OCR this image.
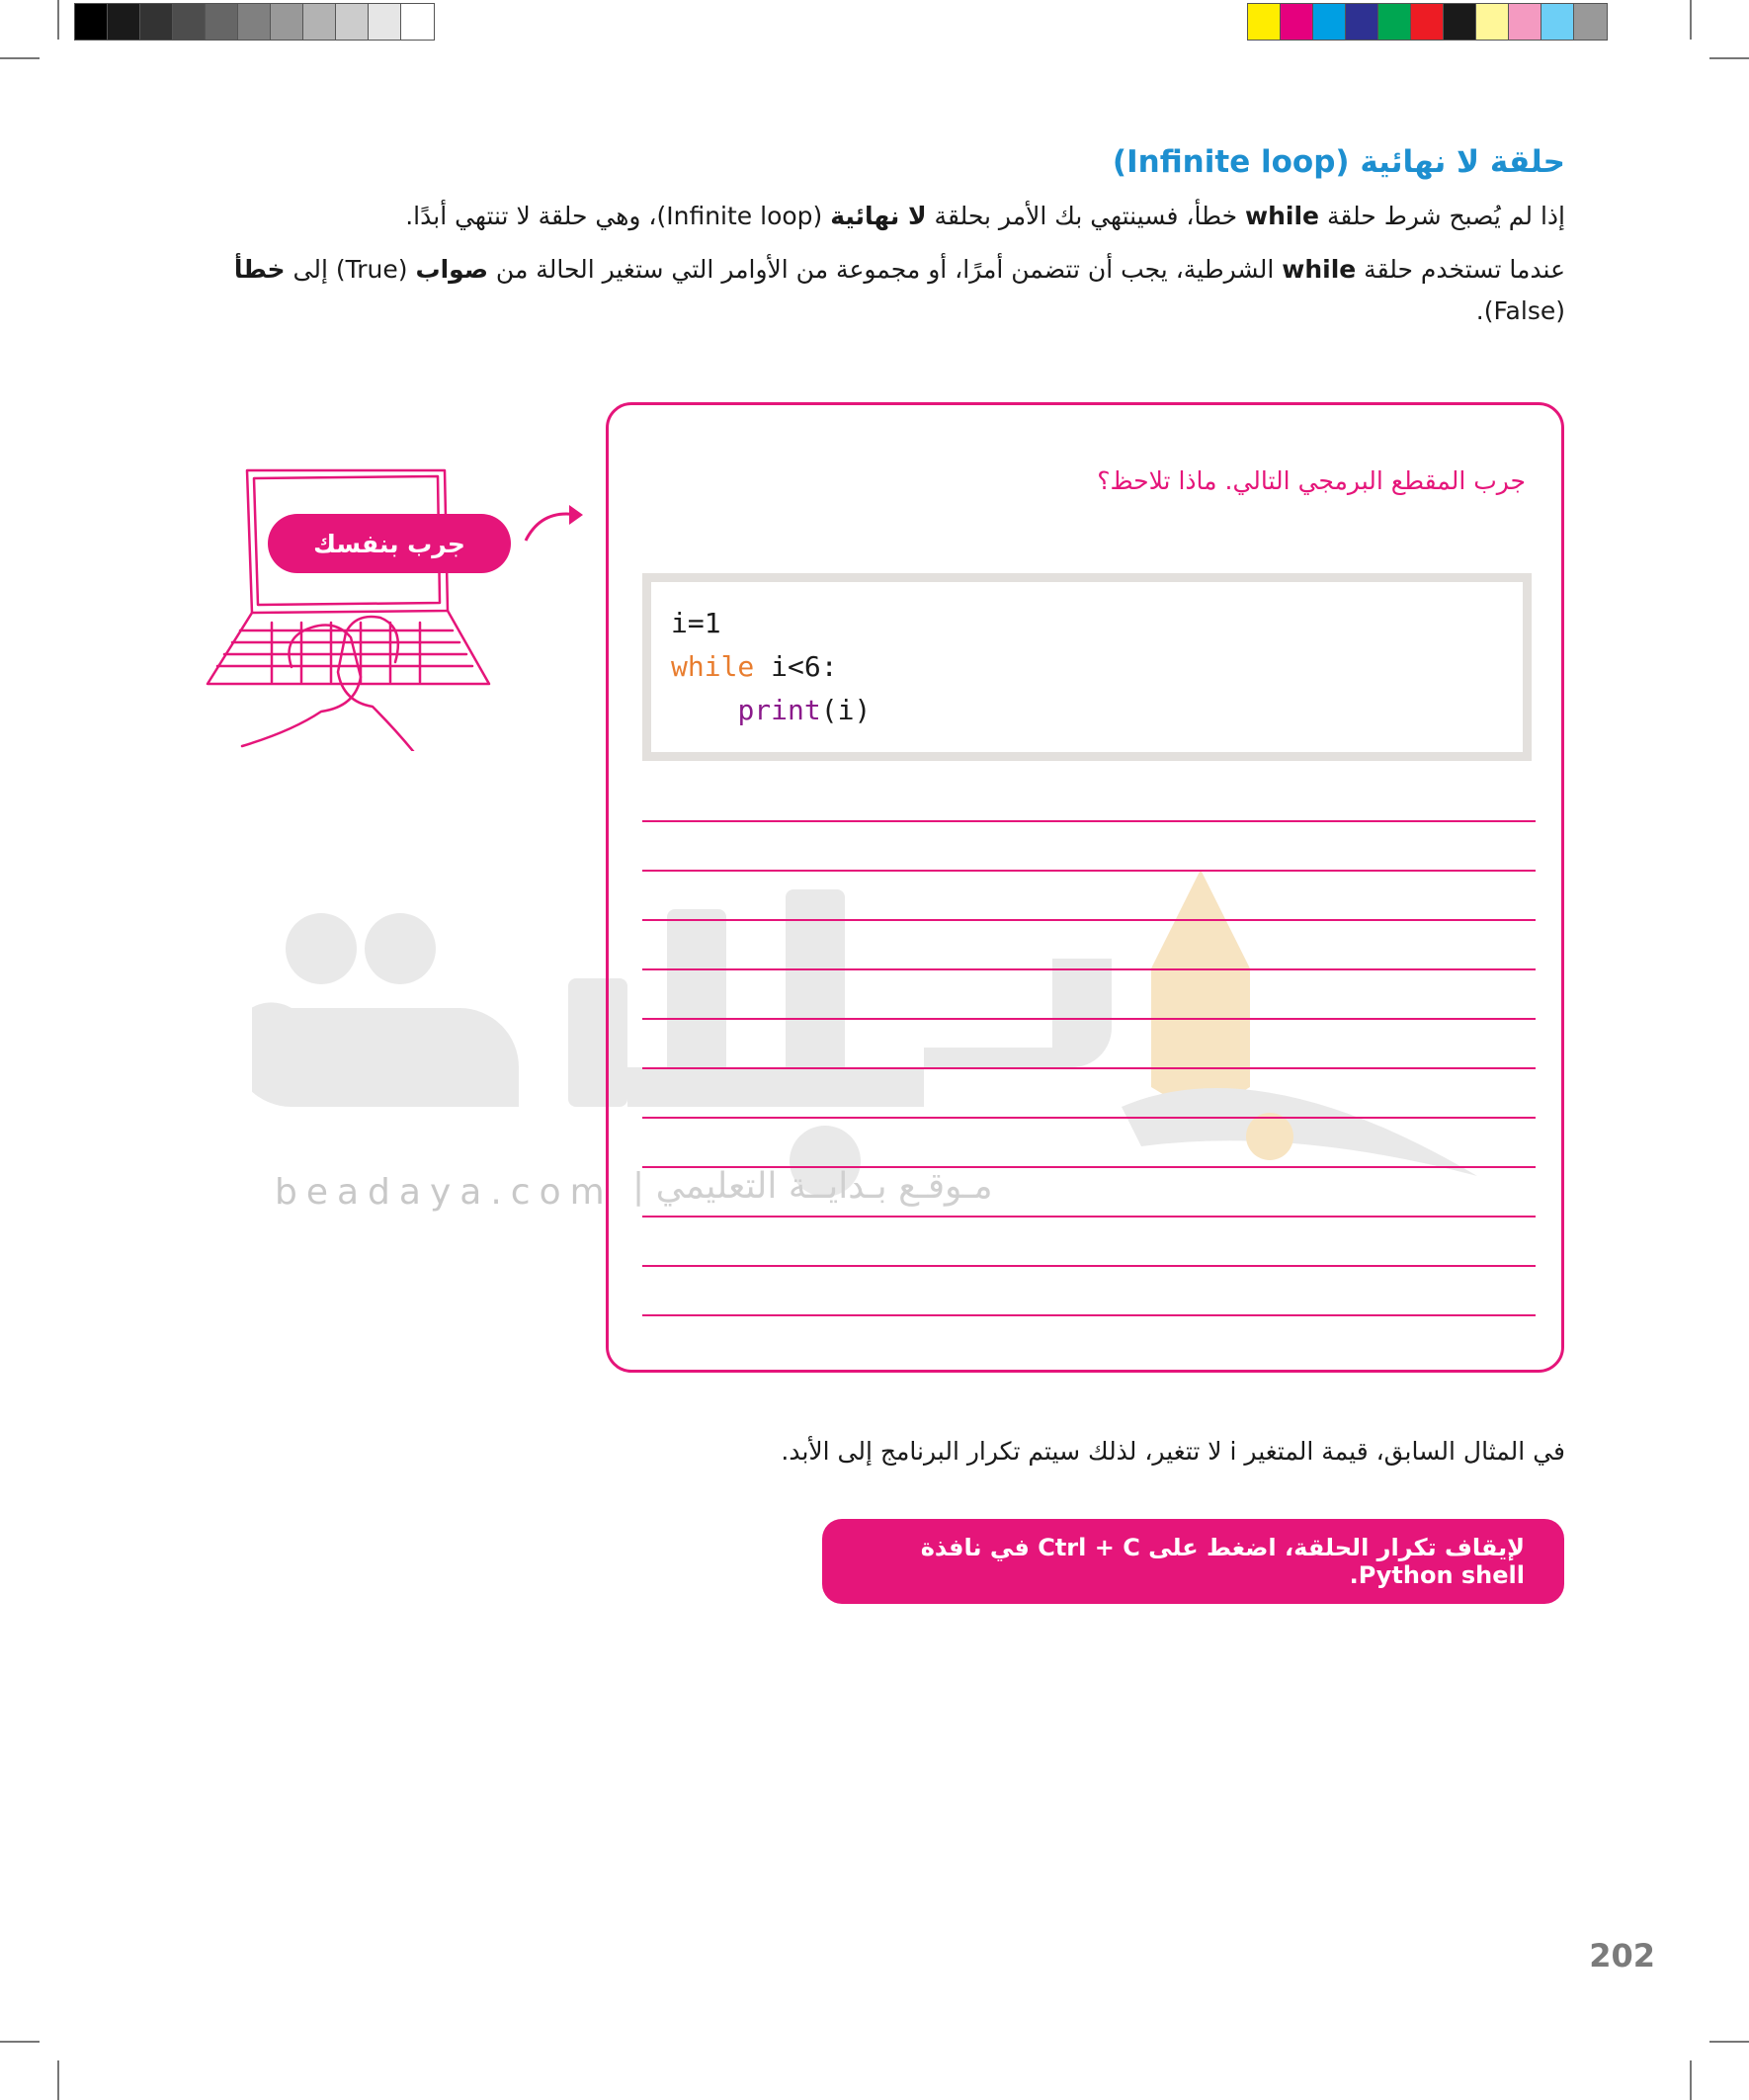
beadaya.com مـوقـع بـدايــة التعليمي |
حلقة لا نهائية (Infinite loop)
إذا لم يُصبح شرط حلقة while خطأ، فسينتهي بك الأمر بحلقة لا نهائية (Infinite loop)، وهي حلقة لا تنتهي أبدًا.
عندما تستخدم حلقة while الشرطية، يجب أن تتضمن أمرًا، أو مجموعة من الأوامر التي ستغير الحالة من صواب (True) إلى خطأ (False).
جرب بنفسك
جرب المقطع البرمجي التالي. ماذا تلاحظ؟
i=1
while i<6:
print(i)
في المثال السابق، قيمة المتغير i لا تتغير، لذلك سيتم تكرار البرنامج إلى الأبد.
لإيقاف تكرار الحلقة، اضغط على Ctrl + C في نافذة Python shell.
202
